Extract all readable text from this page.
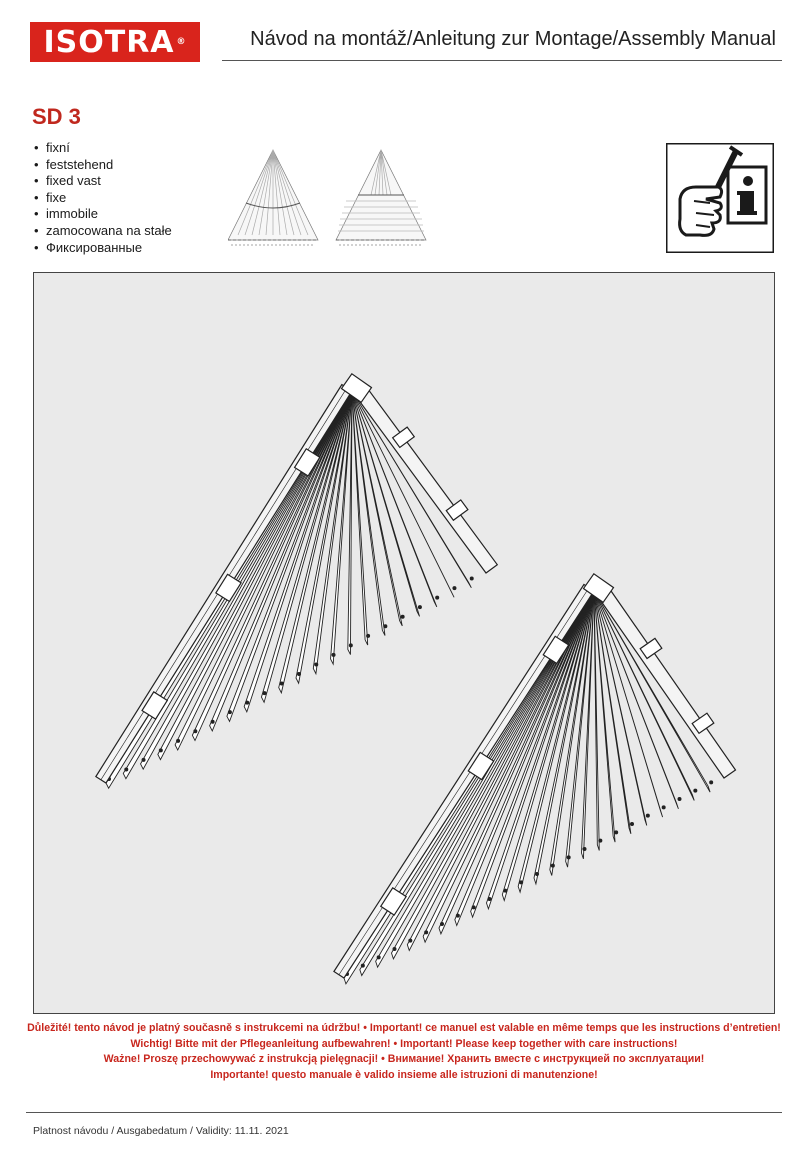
ISOTRA ®	Návod na montáž/Anleitung zur Montage/Assembly Manual
SD 3
• fixní
• feststehend
• fixed vast
• fixe
• immobile
• zamocowana na stałe
• Фиксированные
Důležité! tento návod je platný současně s instrukcemi na údržbu! • Important! ce manuel est valable en même temps que les instructions d’entretien!
Wichtig! Bitte mit der Pflegeanleitung aufbewahren! • Important! Please keep together with care instructions!
Ważne! Proszę przechowywać z instrukcją pielęgnacji! • Внимание! Хранить вместе с инструкцией по эксплуатации!
Importante! questo manuale è valido insieme alle istruzioni di manutenzione!
Platnost návodu / Ausgabedatum / Validity: 11.11. 2021
